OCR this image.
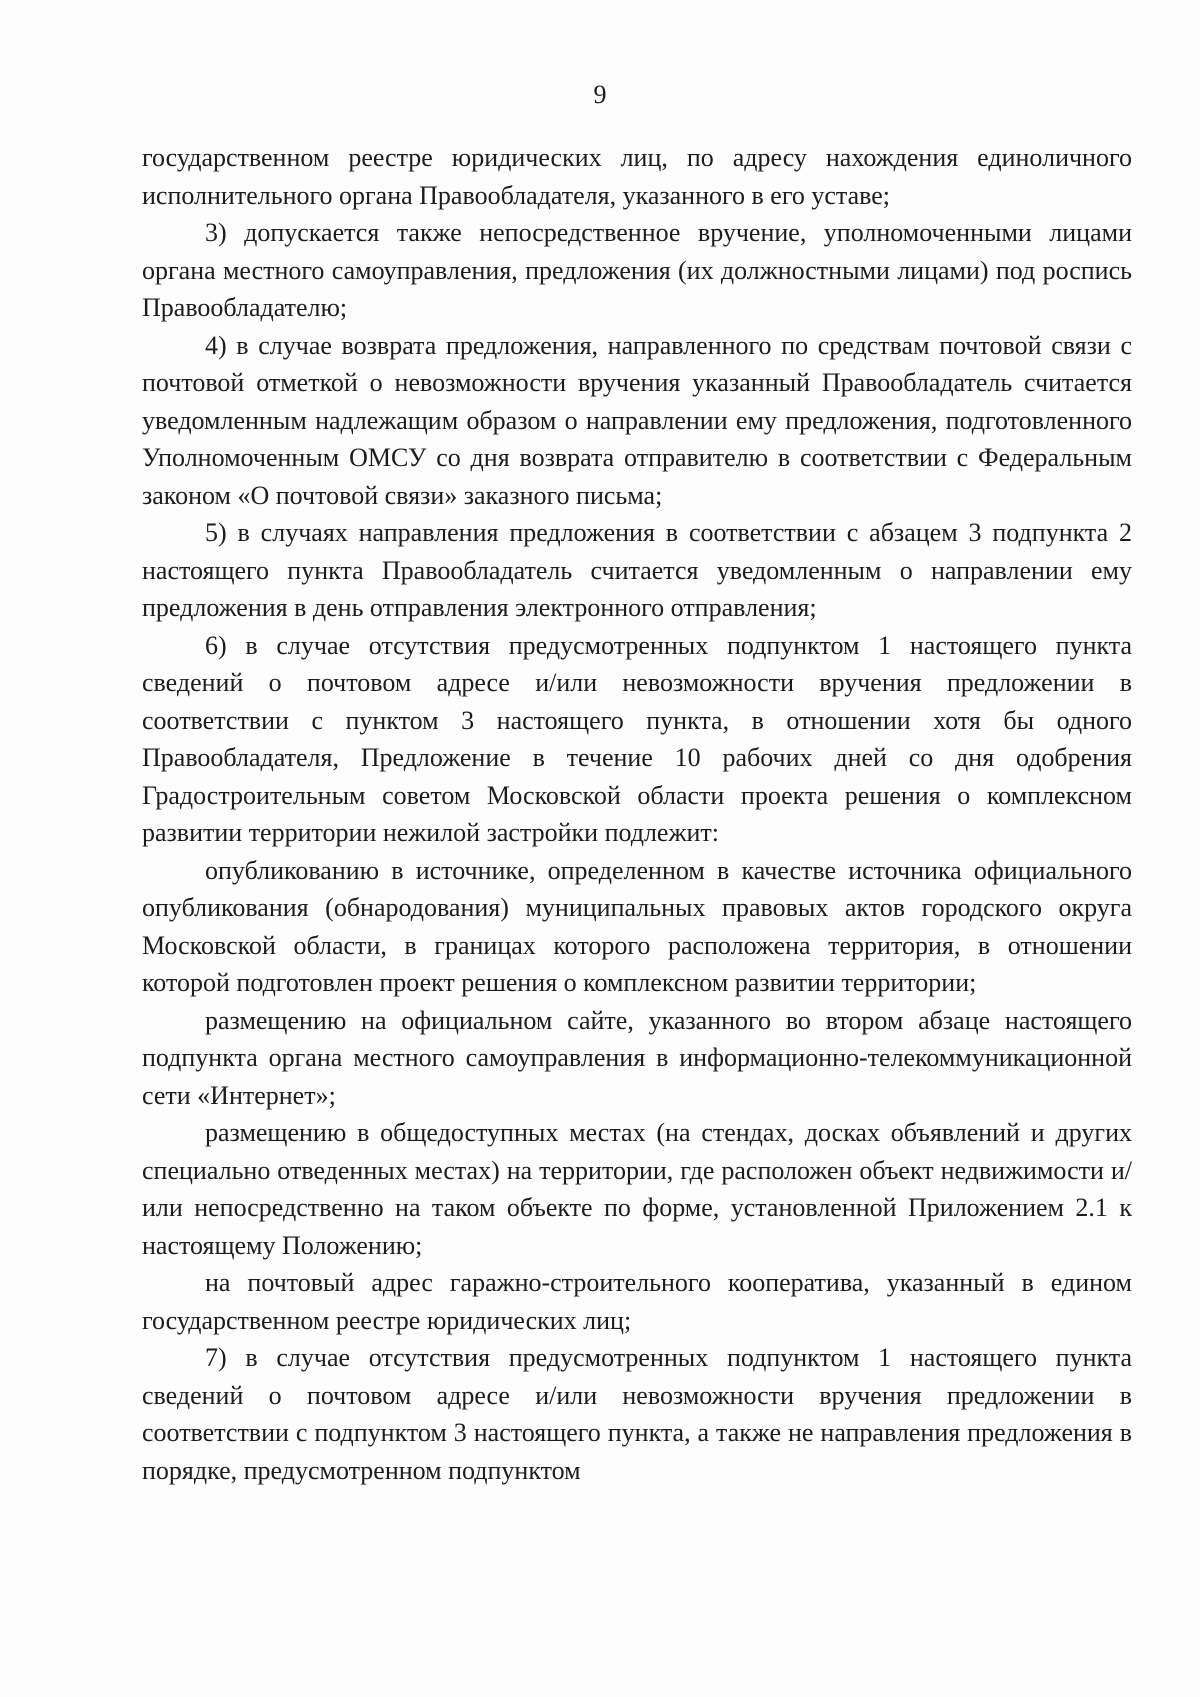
9

государственном реестре юридических лиц, по адресу нахождения единоличного исполнительного органа Правообладателя, указанного в его уставе;

3) допускается также непосредственное вручение, уполномоченными лицами органа местного самоуправления, предложения (их должностными лицами) под роспись Правообладателю;

4) в случае возврата предложения, направленного по средствам почтовой связи с почтовой отметкой о невозможности вручения указанный Правообладатель считается уведомленным надлежащим образом о направлении ему предложения, подготовленного Уполномоченным ОМСУ со дня возврата отправителю в соответствии с Федеральным законом «О почтовой связи» заказного письма;

5) в случаях направления предложения в соответствии с абзацем 3 подпункта 2 настоящего пункта Правообладатель считается уведомленным о направлении ему предложения в день отправления электронного отправления;

6) в случае отсутствия предусмотренных подпунктом 1 настоящего пункта сведений о почтовом адресе и/или невозможности вручения предложении в соответствии с пунктом 3 настоящего пункта, в отношении хотя бы одного Правообладателя, Предложение в течение 10 рабочих дней со дня одобрения Градостроительным советом Московской области проекта решения о комплексном развитии территории нежилой застройки подлежит:

опубликованию в источнике, определенном в качестве источника официального опубликования (обнародования) муниципальных правовых актов городского округа Московской области, в границах которого расположена территория, в отношении которой подготовлен проект решения о комплексном развитии территории;

размещению на официальном сайте, указанного во втором абзаце настоящего подпункта органа местного самоуправления в информационно-телекоммуникационной сети «Интернет»;

размещению в общедоступных местах (на стендах, досках объявлений и других специально отведенных местах) на территории, где расположен объект недвижимости и/или непосредственно на таком объекте по форме, установленной Приложением 2.1 к настоящему Положению;

на почтовый адрес гаражно-строительного кооператива, указанный в едином государственном реестре юридических лиц;

7) в случае отсутствия предусмотренных подпунктом 1 настоящего пункта сведений о почтовом адресе и/или невозможности вручения предложении в соответствии с подпунктом 3 настоящего пункта, а также не направления предложения в порядке, предусмотренном подпунктом
